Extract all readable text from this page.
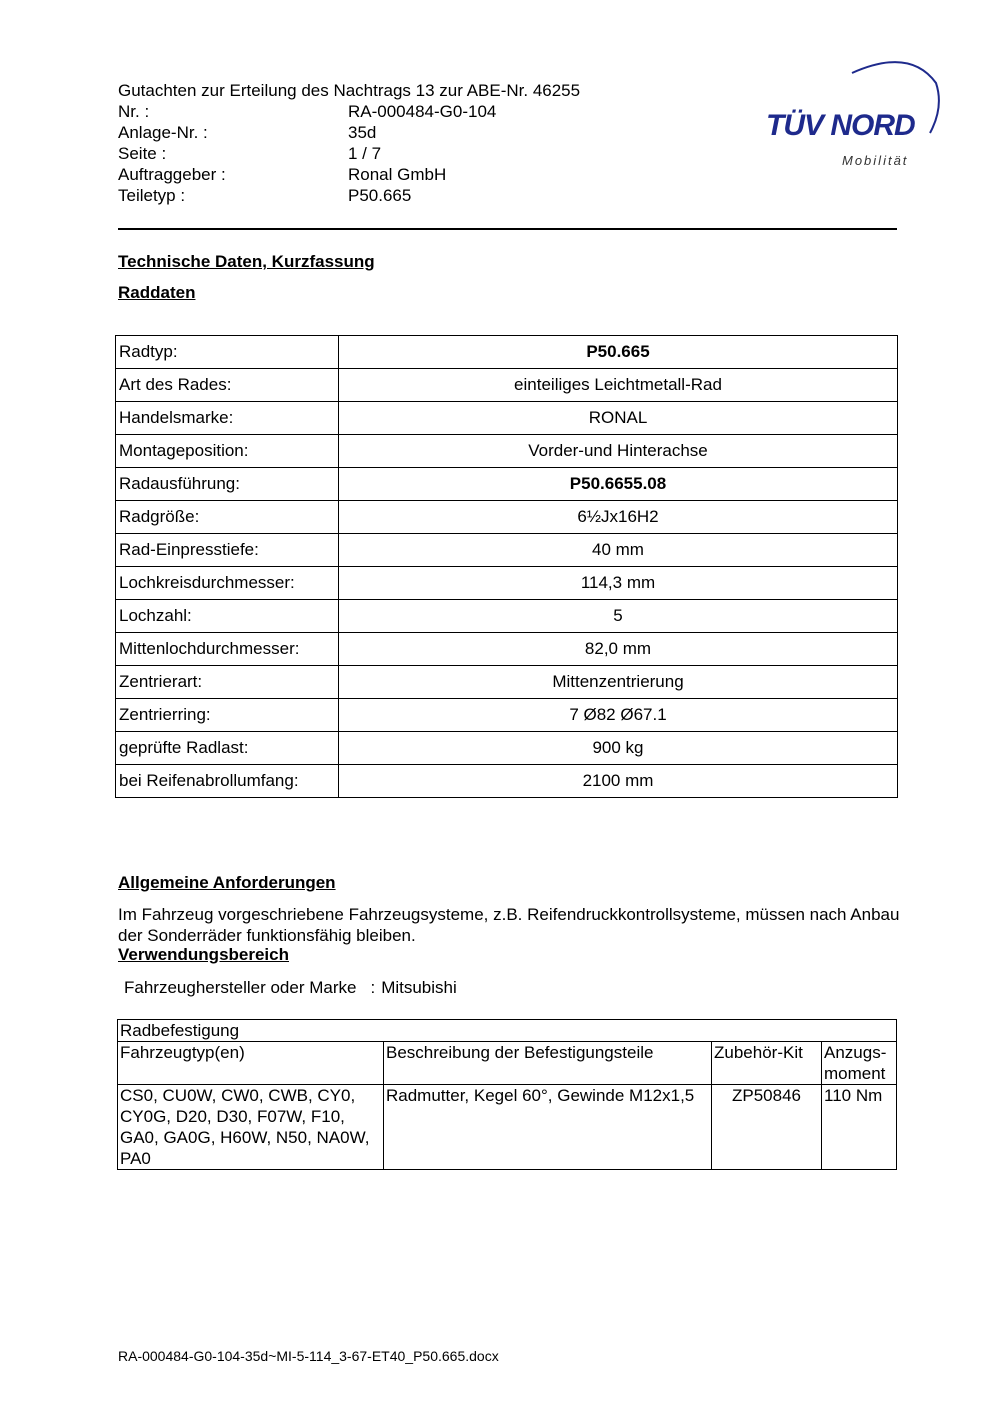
Gutachten zur Erteilung des Nachtrags 13 zur ABE-Nr. 46255
Nr. :	RA-000484-G0-104
Anlage-Nr. :	35d
Seite :	1 / 7
Auftraggeber :	Ronal GmbH
Teiletyp :	P50.665
TÜV NORD
Mobilität
Technische Daten, Kurzfassung
Raddaten
Radtyp:	P50.665
Art des Rades:	einteiliges Leichtmetall-Rad
Handelsmarke:	RONAL
Montageposition:	Vorder-und Hinterachse
Radausführung:	P50.6655.08
Radgröße:	6½Jx16H2
Rad-Einpresstiefe:	40 mm
Lochkreisdurchmesser:	114,3 mm
Lochzahl:	5
Mittenlochdurchmesser:	82,0 mm
Zentrierart:	Mittenzentrierung
Zentrierring:	7 Ø82 Ø67.1
geprüfte Radlast:	900 kg
bei Reifenabrollumfang:	2100 mm
Allgemeine Anforderungen
Im Fahrzeug vorgeschriebene Fahrzeugsysteme, z.B. Reifendruckkontrollsysteme, müssen nach Anbau der Sonderräder funktionsfähig bleiben.
Verwendungsbereich
Fahrzeughersteller oder Marke : Mitsubishi
Radbefestigung			
Fahrzeugtyp(en)	Beschreibung der Befestigungsteile	Zubehör-Kit	Anzugs-moment
CS0, CU0W, CW0, CWB, CY0, CY0G, D20, D30, F07W, F10, GA0, GA0G, H60W, N50, NA0W, PA0	Radmutter, Kegel 60°, Gewinde M12x1,5	ZP50846	110 Nm
RA-000484-G0-104-35d~MI-5-114_3-67-ET40_P50.665.docx
